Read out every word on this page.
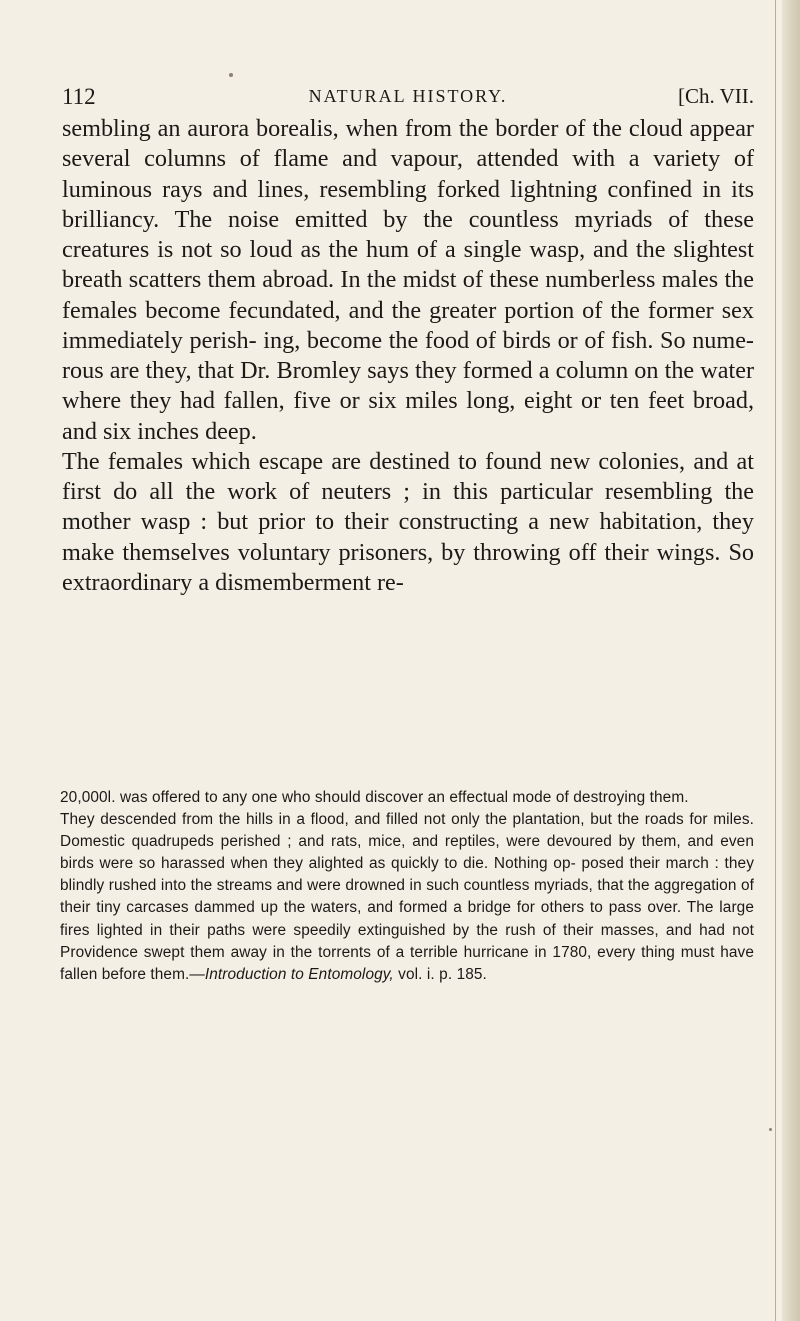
112	NATURAL HISTORY.	[Ch. VII.

sembling an aurora borealis, when from the border of the cloud appear several columns of flame and vapour, attended with a variety of luminous rays and lines, resembling forked lightning confined in its brilliancy. The noise emitted by the countless myriads of these creatures is not so loud as the hum of a single wasp, and the slightest breath scatters them abroad. In the midst of these numberless males the females become fecundated, and the greater portion of the former sex immediately perish- ing, become the food of birds or of fish. So nume- rous are they, that Dr. Bromley says they formed a column on the water where they had fallen, five or six miles long, eight or ten feet broad, and six inches deep.

The females which escape are destined to found new colonies, and at first do all the work of neuters ; in this particular resembling the mother wasp : but prior to their constructing a new habitation, they make themselves voluntary prisoners, by throwing off their wings. So extraordinary a dismemberment re-

20,000l. was offered to any one who should discover an effectual mode of destroying them.

They descended from the hills in a flood, and filled not only the plantation, but the roads for miles. Domestic quadrupeds perished ; and rats, mice, and reptiles, were devoured by them, and even birds were so harassed when they alighted as quickly to die. Nothing op- posed their march : they blindly rushed into the streams and were drowned in such countless myriads, that the aggregation of their tiny carcases dammed up the waters, and formed a bridge for others to pass over. The large fires lighted in their paths were speedily extinguished by the rush of their masses, and had not Providence swept them away in the torrents of a terrible hurricane in 1780, every thing must have fallen before them.—Introduction to Entomology, vol. i. p. 185.
